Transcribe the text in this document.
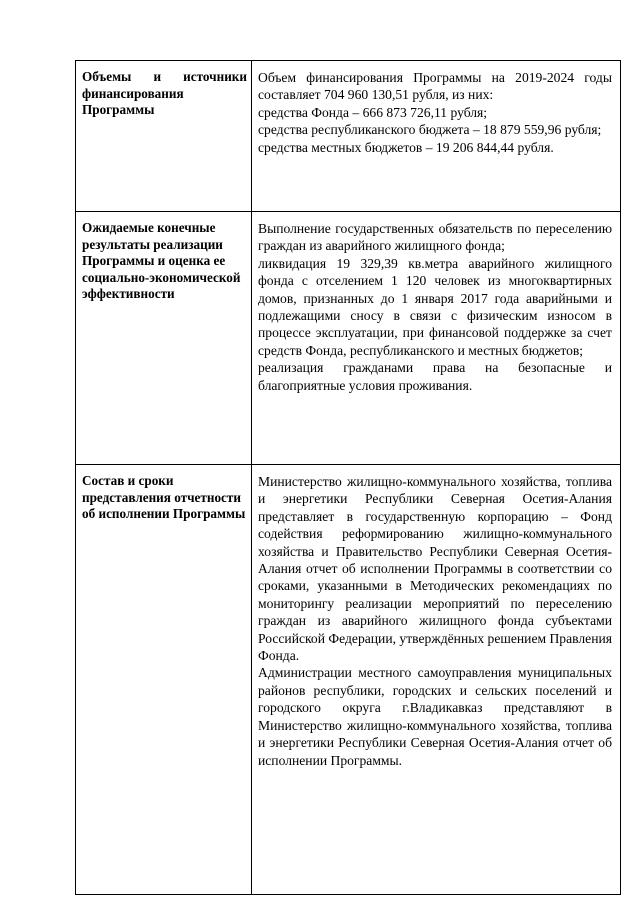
Объемы и источники финансирования Программы	Объем финансирования Программы на 2019-2024 годы составляет 704 960 130,51 рубля, из них:

средства Фонда – 666 873 726,11 рубля;

средства республиканского бюджета – 18 879 559,96 рубля;

средства местных бюджетов – 19 206 844,44 рубля.

Ожидаемые конечные результаты реализации Программы и оценка ее социально-экономической эффективности	Выполнение государственных обязательств по переселению граждан из аварийного жилищного фонда;

ликвидация 19 329,39 кв.метра аварийного жилищного фонда с отселением 1 120 человек из многоквартирных домов, признанных до 1 января 2017 года аварийными и подлежащими сносу в связи с физическим износом в процессе эксплуатации, при финансовой поддержке за счет средств Фонда, республиканского и местных бюджетов;

реализация гражданами права на безопасные и благоприятные условия проживания.

Состав и сроки представления отчетности об исполнении Программы	Министерство жилищно-коммунального хозяйства, топлива и энергетики Республики Северная Осетия-Алания представляет в государственную корпорацию – Фонд содействия реформированию жилищно-коммунального хозяйства и Правительство Республики Северная Осетия-Алания отчет об исполнении Программы в соответствии со сроками, указанными в Методических рекомендациях по мониторингу реализации мероприятий по переселению граждан из аварийного жилищного фонда субъектами Российской Федерации, утверждённых решением Правления Фонда.

Администрации местного самоуправления муниципальных районов республики, городских и сельских поселений и городского округа г.Владикавказ представляют в Министерство жилищно-коммунального хозяйства, топлива и энергетики Республики Северная Осетия-Алания отчет об исполнении Программы.
